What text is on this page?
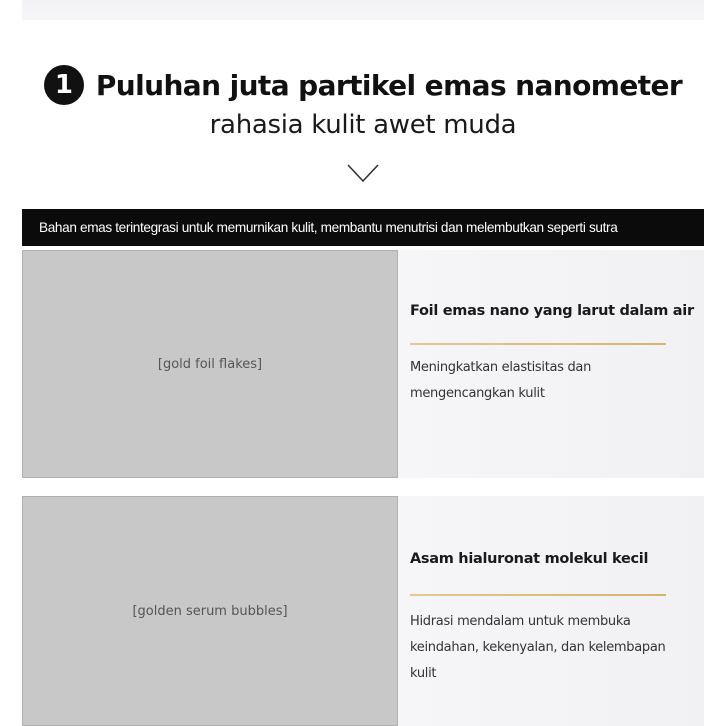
1 Puluhan juta partikel emas nanometer
rahasia kulit awet muda
Bahan emas terintegrasi untuk memurnikan kulit, membantu menutrisi dan melembutkan seperti sutra
[gold foil flakes]
Foil emas nano yang larut dalam air
Meningkatkan elastisitas dan mengencangkan kulit
[golden serum bubbles]
Asam hialuronat molekul kecil
Hidrasi mendalam untuk membuka keindahan, kekenyalan, dan kelembapan kulit
